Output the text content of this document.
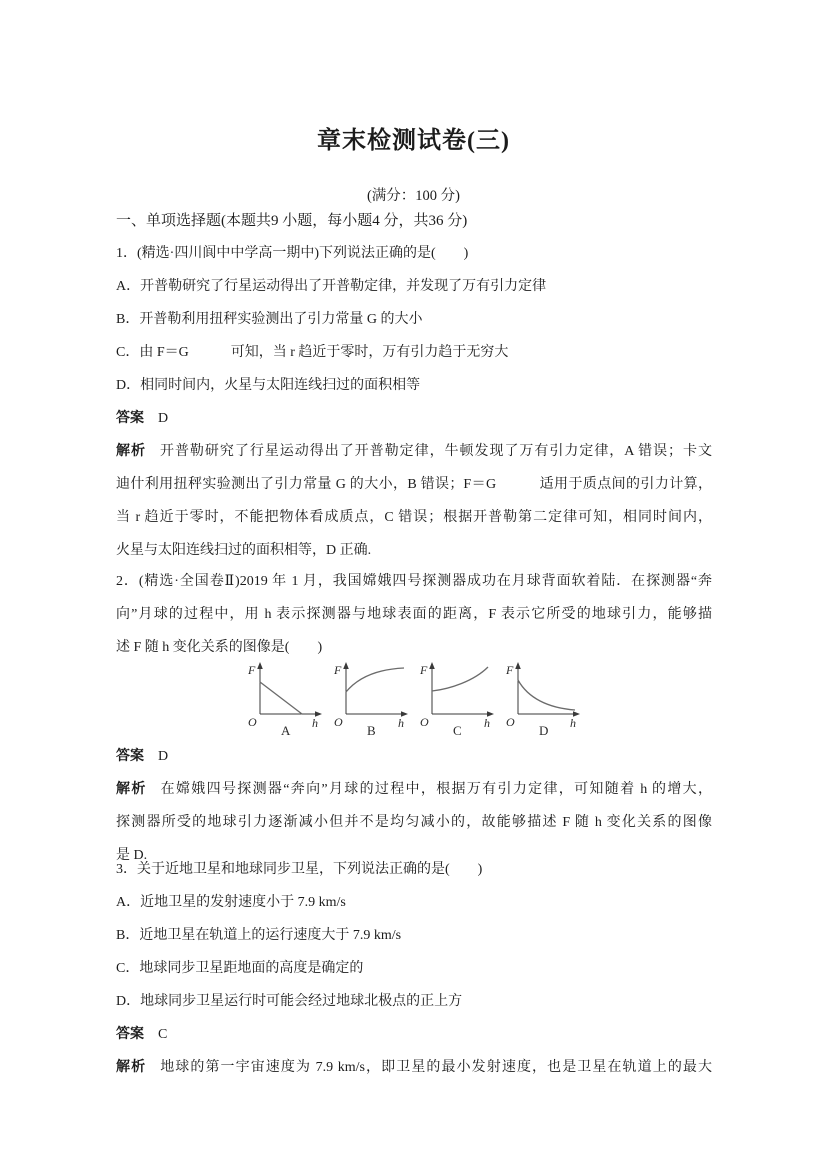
章末检测试卷(三)
(满分：100 分)
一、单项选择题(本题共9 小题，每小题4 分，共36 分)
1．(精选·四川阆中中学高一期中)下列说法正确的是(　　)
A．开普勒研究了行星运动得出了开普勒定律，并发现了万有引力定律
B．开普勒利用扭秤实验测出了引力常量 G 的大小
C．由 F＝G　　　可知，当 r 趋近于零时，万有引力趋于无穷大
D．相同时间内，火星与太阳连线扫过的面积相等
答案 D
解析 开普勒研究了行星运动得出了开普勒定律，牛顿发现了万有引力定律，A 错误；卡文
迪什利用扭秤实验测出了引力常量 G 的大小，B 错误；F＝G　　　适用于质点间的引力计算，
当 r 趋近于零时，不能把物体看成质点，C 错误；根据开普勒第二定律可知，相同时间内，
火星与太阳连线扫过的面积相等，D 正确.
2．(精选·全国卷Ⅱ)2019 年 1 月，我国嫦娥四号探测器成功在月球背面软着陆．在探测器“奔
向”月球的过程中，用 h 表示探测器与地球表面的距离，F 表示它所受的地球引力，能够描
述 F 随 h 变化关系的图像是(　　)
F
O	h
A
F
O	h
B
F
O	h
C
F
O	h
D
答案 D
解析 在嫦娥四号探测器“奔向”月球的过程中，根据万有引力定律，可知随着 h 的增大，
探测器所受的地球引力逐渐减小但并不是均匀减小的，故能够描述 F 随 h 变化关系的图像
是 D.
3．关于近地卫星和地球同步卫星，下列说法正确的是(　　)
A．近地卫星的发射速度小于 7.9 km/s
B．近地卫星在轨道上的运行速度大于 7.9 km/s
C．地球同步卫星距地面的高度是确定的
D．地球同步卫星运行时可能会经过地球北极点的正上方
答案 C
解析 地球的第一宇宙速度为 7.9 km/s，即卫星的最小发射速度，也是卫星在轨道上的最大
